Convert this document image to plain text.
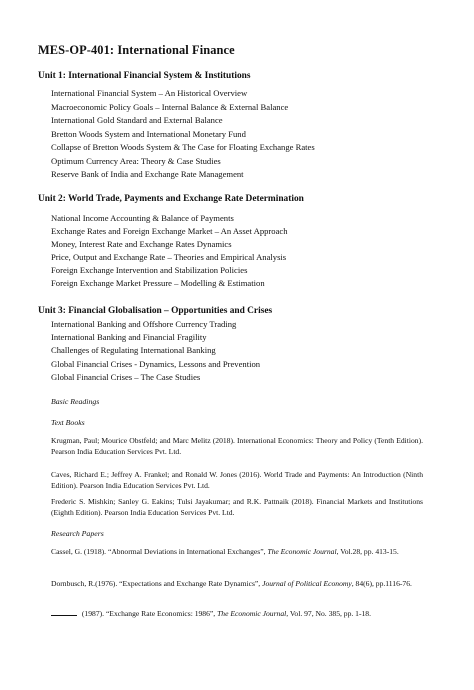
MES-OP-401: International Finance
Unit 1: International Financial System & Institutions
International Financial System – An Historical Overview
Macroeconomic Policy Goals – Internal Balance & External Balance
International Gold Standard and External Balance
Bretton Woods System and International Monetary Fund
Collapse of Bretton Woods System & The Case for Floating Exchange Rates
Optimum Currency Area: Theory & Case Studies
Reserve Bank of India and Exchange Rate Management
Unit 2: World Trade, Payments and Exchange Rate Determination
National Income Accounting & Balance of Payments
Exchange Rates and Foreign Exchange Market – An Asset Approach
Money, Interest Rate and Exchange Rates Dynamics
Price, Output and Exchange Rate – Theories and Empirical Analysis
Foreign Exchange Intervention and Stabilization Policies
Foreign Exchange Market Pressure – Modelling & Estimation
Unit 3: Financial Globalisation – Opportunities and Crises
International Banking and Offshore Currency Trading
International Banking and Financial Fragility
Challenges of Regulating International Banking
Global Financial Crises - Dynamics, Lessons and Prevention
Global Financial Crises – The Case Studies
Basic Readings
Text Books
Krugman, Paul; Mourice Obstfeld; and Marc Melitz (2018). International Economics: Theory and Policy (Tenth Edition). Pearson India Education Services Pvt. Ltd.
Caves, Richard E.; Jeffrey A. Frankel; and Ronald W. Jones (2016). World Trade and Payments: An Introduction (Ninth Edition). Pearson India Education Services Pvt. Ltd.
Frederic S. Mishkin; Sanley G. Eakins; Tulsi Jayakumar; and R.K. Pattnaik (2018). Financial Markets and Institutions (Eighth Edition). Pearson India Education Services Pvt. Ltd.
Research Papers
Cassel, G. (1918). “Abnormal Deviations in International Exchanges”, The Economic Journal, Vol.28, pp. 413-15.
Dornbusch, R.(1976). “Expectations and Exchange Rate Dynamics”, Journal of Political Economy, 84(6), pp.1116-76.
(1987). “Exchange Rate Economics: 1986”, The Economic Journal, Vol. 97, No. 385, pp. 1-18.
